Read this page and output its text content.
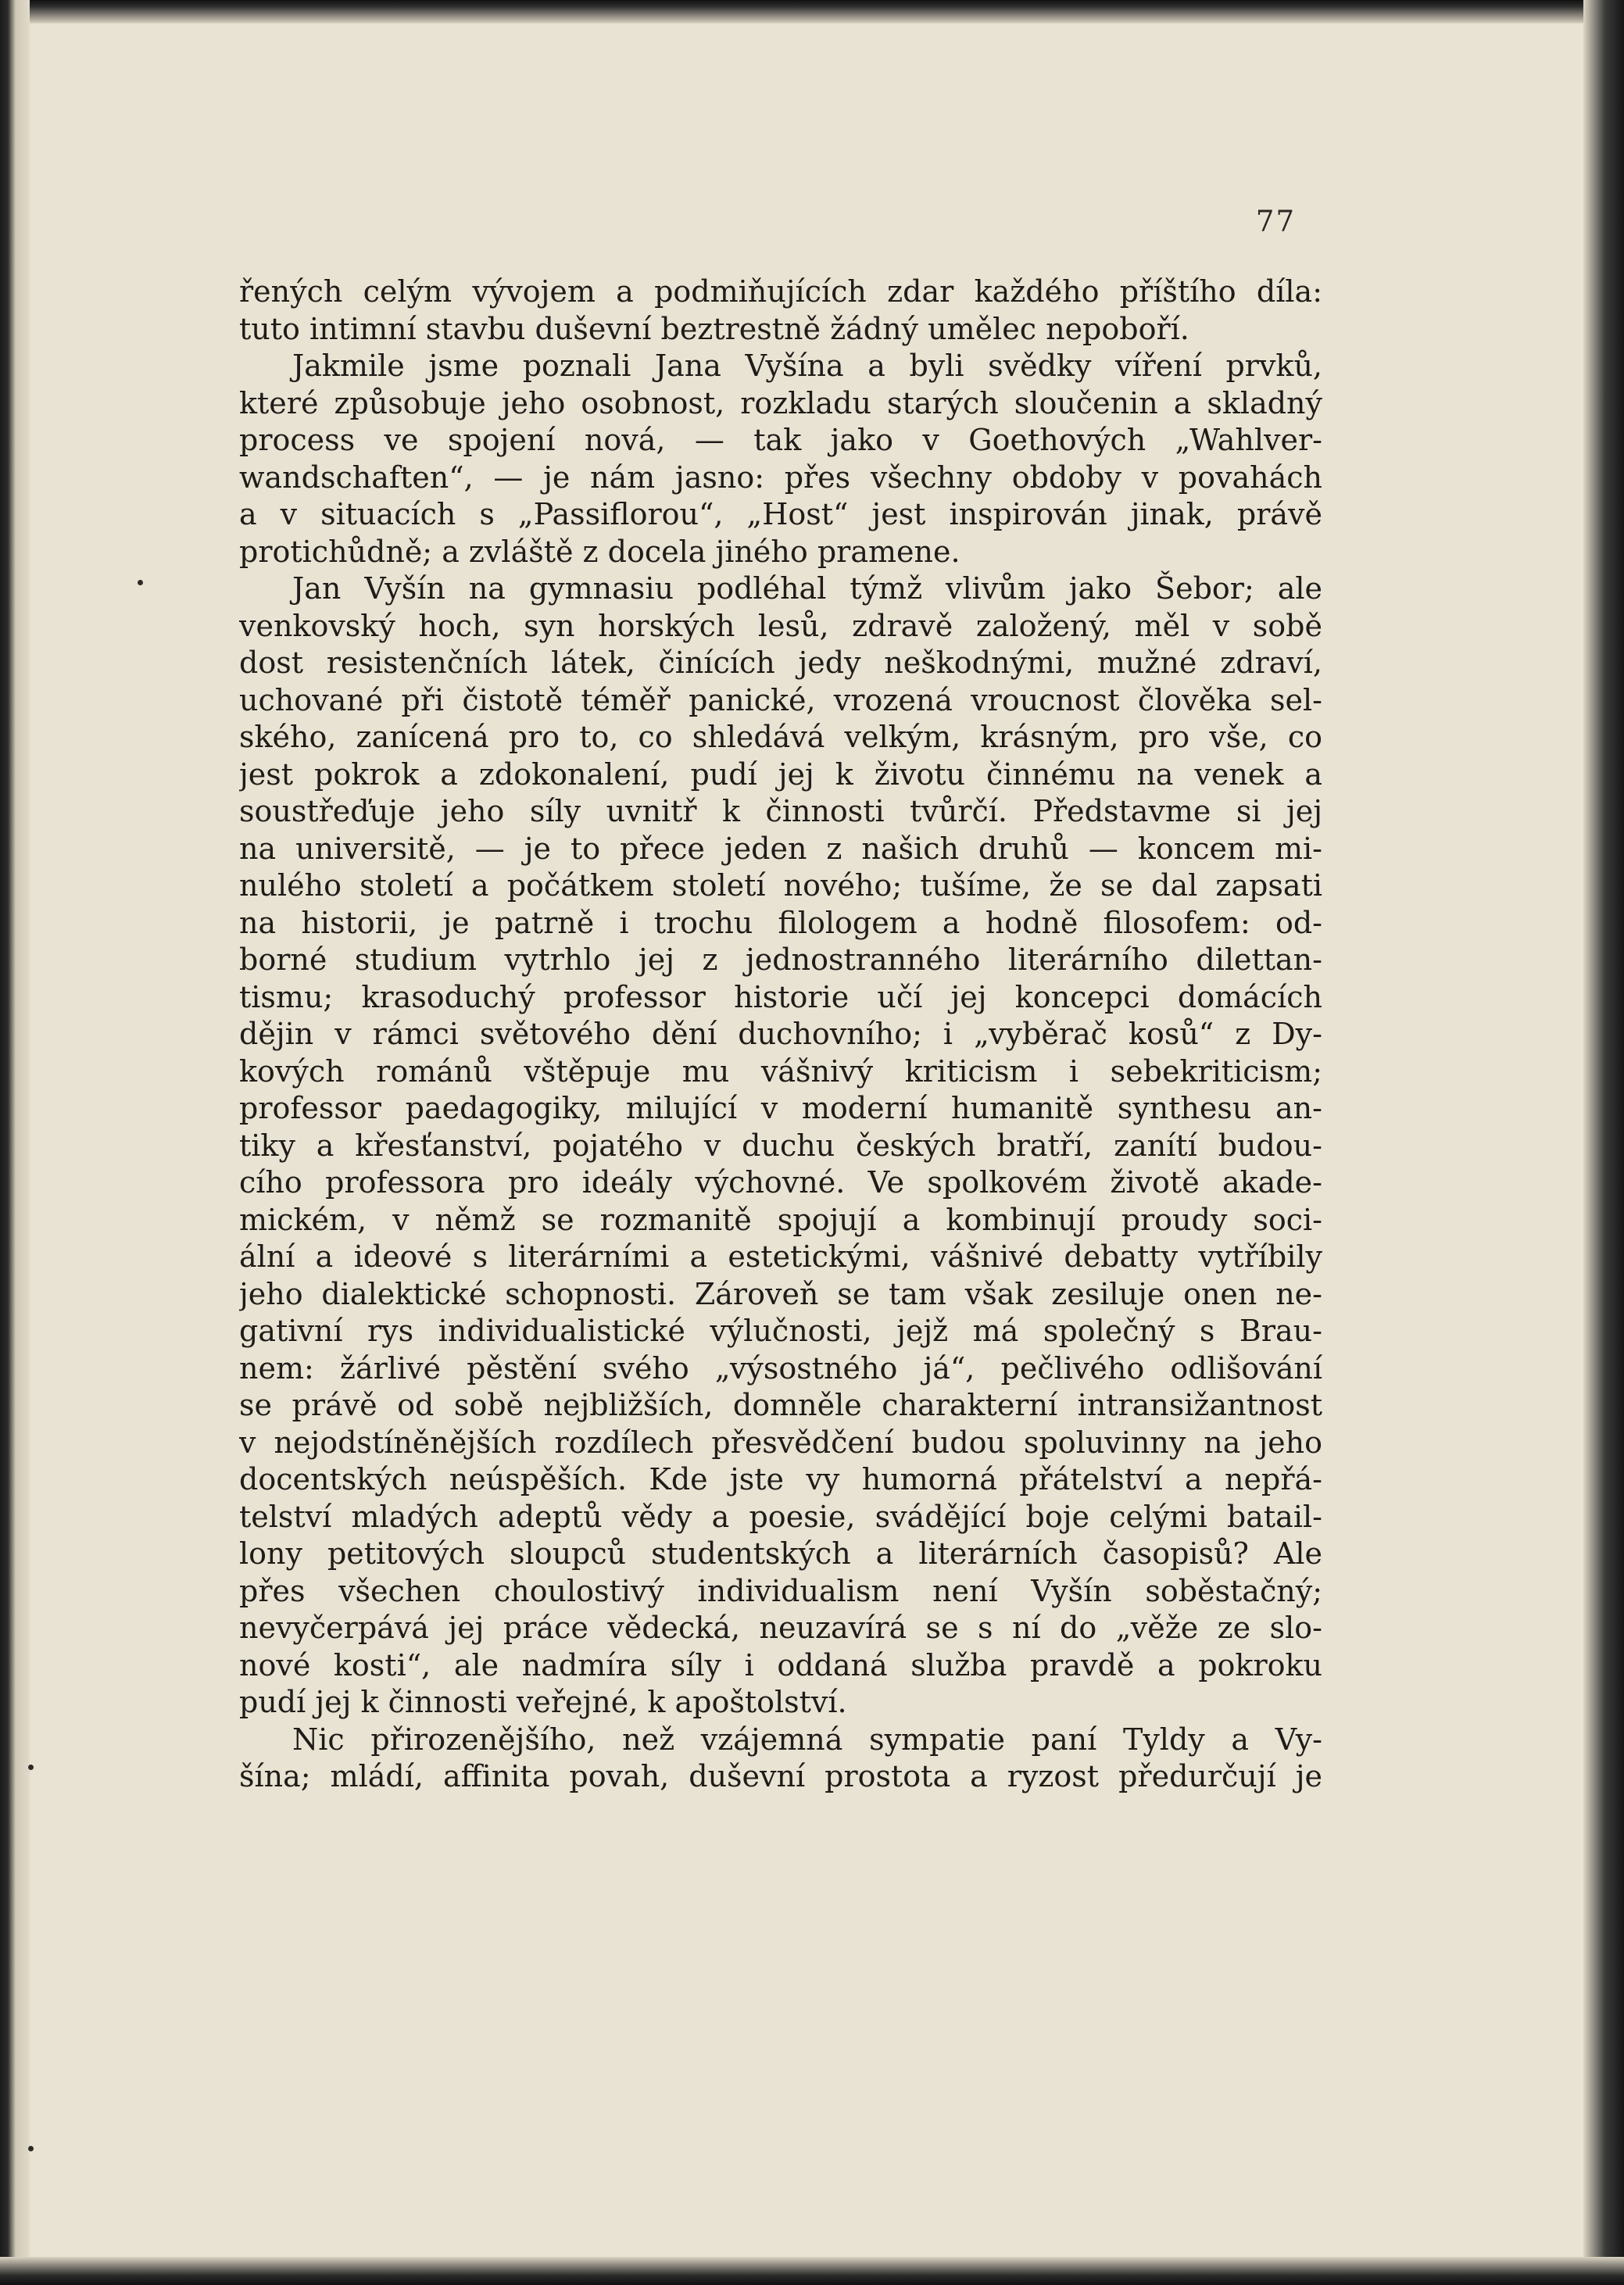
77
řených celým vývojem a podmiňujících zdar každého příštího díla:
tuto intimní stavbu duševní beztrestně žádný umělec nepoboří.
Jakmile jsme poznali Jana Vyšína a byli svědky víření prvků,
které způsobuje jeho osobnost, rozkladu starých sloučenin a skladný
process ve spojení nová, — tak jako v Goethových „Wahlver-
wandschaften“, — je nám jasno: přes všechny obdoby v povahách
a v situacích s „Passiflorou“, „Host“ jest inspirován jinak, právě
protichůdně; a zvláště z docela jiného pramene.
Jan Vyšín na gymnasiu podléhal týmž vlivům jako Šebor; ale
venkovský hoch, syn horských lesů, zdravě založený, měl v sobě
dost resistenčních látek, činících jedy neškodnými, mužné zdraví,
uchované při čistotě téměř panické, vrozená vroucnost člověka sel-
ského, zanícená pro to, co shledává velkým, krásným, pro vše, co
jest pokrok a zdokonalení, pudí jej k životu činnému na venek a
soustřeďuje jeho síly uvnitř k činnosti tvůrčí. Představme si jej
na universitě, — je to přece jeden z našich druhů — koncem mi-
nulého století a počátkem století nového; tušíme, že se dal zapsati
na historii, je patrně i trochu filologem a hodně filosofem: od-
borné studium vytrhlo jej z jednostranného literárního dilettan-
tismu; krasoduchý professor historie učí jej koncepci domácích
dějin v rámci světového dění duchovního; i „vyběrač kosů“ z Dy-
kových románů vštěpuje mu vášnivý kriticism i sebekriticism;
professor paedagogiky, milující v moderní humanitě synthesu an-
tiky a křesťanství, pojatého v duchu českých bratří, zanítí budou-
cího professora pro ideály výchovné. Ve spolkovém životě akade-
mickém, v němž se rozmanitě spojují a kombinují proudy soci-
ální a ideové s literárními a estetickými, vášnivé debatty vytříbily
jeho dialektické schopnosti. Zároveň se tam však zesiluje onen ne-
gativní rys individualistické výlučnosti, jejž má společný s Brau-
nem: žárlivé pěstění svého „výsostného já“, pečlivého odlišování
se právě od sobě nejbližších, domněle charakterní intransižantnost
v nejodstíněnějších rozdílech přesvědčení budou spoluvinny na jeho
docentských neúspěších. Kde jste vy humorná přátelství a nepřá-
telství mladých adeptů vědy a poesie, svádějící boje celými batail-
lony petitových sloupců studentských a literárních časopisů? Ale
přes všechen choulostivý individualism není Vyšín soběstačný;
nevyčerpává jej práce vědecká, neuzavírá se s ní do „věže ze slo-
nové kosti“, ale nadmíra síly i oddaná služba pravdě a pokroku
pudí jej k činnosti veřejné, k apoštolství.
Nic přirozenějšího, než vzájemná sympatie paní Tyldy a Vy-
šína; mládí, affinita povah, duševní prostota a ryzost předurčují je
